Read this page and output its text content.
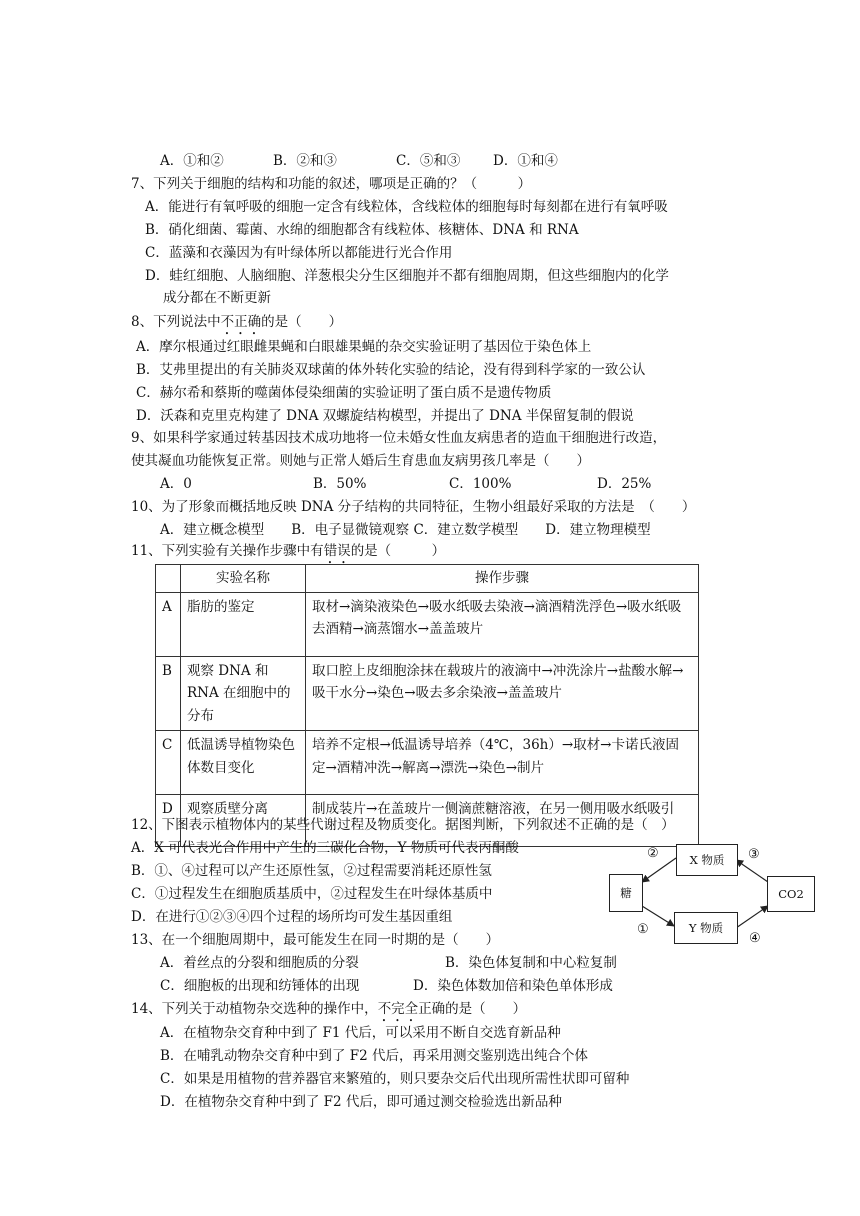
A．①和②	B．②和③	C．⑤和③ D．①和④
7、下列关于细胞的结构和功能的叙述，哪项是正确的？（　　　）
A．能进行有氧呼吸的细胞一定含有线粒体，含线粒体的细胞每时每刻都在进行有氧呼吸
B．硝化细菌、霉菌、水绵的细胞都含有线粒体、核糖体、DNA 和 RNA
C．蓝藻和衣藻因为有叶绿体所以都能进行光合作用
D．蛙红细胞、人脑细胞、洋葱根尖分生区细胞并不都有细胞周期，但这些细胞内的化学
成分都在不断更新
8、下列说法中不正确的是（　　）
A．摩尔根通过红眼雌果蝇和白眼雄果蝇的杂交实验证明了基因位于染色体上
B．艾弗里提出的有关肺炎双球菌的体外转化实验的结论，没有得到科学家的一致公认
C．赫尔希和蔡斯的噬菌体侵染细菌的实验证明了蛋白质不是遗传物质
D．沃森和克里克构建了 DNA 双螺旋结构模型，并提出了 DNA 半保留复制的假说
9、如果科学家通过转基因技术成功地将一位未婚女性血友病患者的造血干细胞进行改造，
使其凝血功能恢复正常。则她与正常人婚后生育患血友病男孩几率是（　　）
A．0	B．50%	C．100%	D．25%
10、为了形象而概括地反映 DNA 分子结构的共同特征，生物小组最好采取的方法是　（　　）
A．建立概念模型　　B．电子显微镜观察 C．建立数学模型　　D．建立物理模型
11、下列实验有关操作步骤中有错误的是（　　　）
	实验名称	操作步骤
A	脂肪的鉴定	取材→滴染液染色→吸水纸吸去染液→滴酒精洗浮色→吸水纸吸去酒精→滴蒸馏水→盖盖玻片
B	观察 DNA 和 RNA 在细胞中的分布	取口腔上皮细胞涂抹在载玻片的液滴中→冲洗涂片→盐酸水解→吸干水分→染色→吸去多余染液→盖盖玻片
C	低温诱导植物染色体数目变化	培养不定根→低温诱导培养（4℃，36h）→取材→卡诺氏液固定→酒精冲洗→解离→漂洗→染色→制片
D	观察质壁分离	制成装片→在盖玻片一侧滴蔗糖溶液，在另一侧用吸水纸吸引
12、下图表示植物体内的某些代谢过程及物质变化。据图判断，下列叙述不正确的是（　）
A．X 可代表光合作用中产生的三碳化合物，Y 物质可代表丙酮酸
B．①、④过程可以产生还原性氢，②过程需要消耗还原性氢
C．①过程发生在细胞质基质中，②过程发生在叶绿体基质中
D．在进行①②③④四个过程的场所均可发生基因重组
糖
X 物质
Y 物质
CO2
①
②	③
④
13、在一个细胞周期中，最可能发生在同一时期的是（　　）
A．着丝点的分裂和细胞质的分裂	B．染色体复制和中心粒复制
C．细胞板的出现和纺锤体的出现	D．染色体数加倍和染色单体形成
14、下列关于动植物杂交选种的操作中，不完全正确的是（　　）
A．在植物杂交育种中到了 F1 代后，可以采用不断自交选育新品种
B．在哺乳动物杂交育种中到了 F2 代后，再采用测交鉴别选出纯合个体
C．如果是用植物的营养器官来繁殖的，则只要杂交后代出现所需性状即可留种
D．在植物杂交育种中到了 F2 代后，即可通过测交检验选出新品种
